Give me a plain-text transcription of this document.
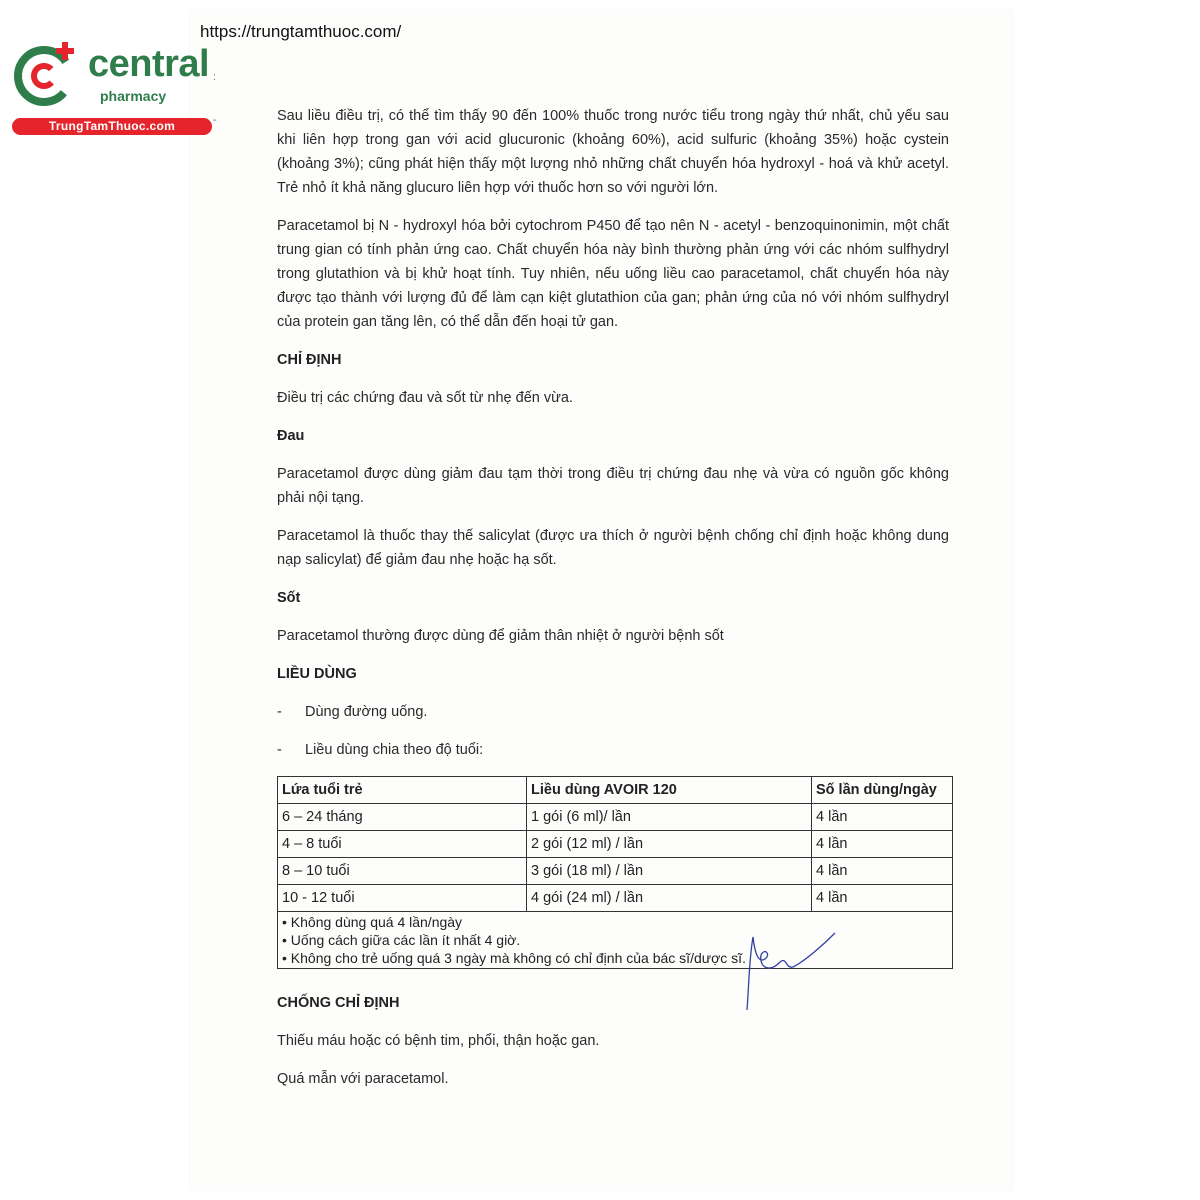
https://trungtamthuoc.com/
central
pharmacy
TrungTamThuoc.com
:
-	Sau liều điều trị, có thể tìm thấy 90 đến 100% thuốc trong nước tiểu trong ngày thứ nhất, chủ yếu sau khi liên hợp trong gan với acid glucuronic (khoảng 60%), acid sulfuric (khoảng 35%) hoặc cystein (khoảng 3%); cũng phát hiện thấy một lượng nhỏ những chất chuyển hóa hydroxyl - hoá và khử acetyl. Trẻ nhỏ ít khả năng glucuro liên hợp với thuốc hơn so với người lớn.

Paracetamol bị N - hydroxyl hóa bởi cytochrom P450 để tạo nên N - acetyl - benzoquinonimin, một chất trung gian có tính phản ứng cao. Chất chuyển hóa này bình thường phản ứng với các nhóm sulfhydryl trong glutathion và bị khử hoạt tính. Tuy nhiên, nếu uống liều cao paracetamol, chất chuyển hóa này được tạo thành với lượng đủ để làm cạn kiệt glutathion của gan; phản ứng của nó với nhóm sulfhydryl của protein gan tăng lên, có thể dẫn đến hoại tử gan.

CHỈ ĐỊNH

Điều trị các chứng đau và sốt từ nhẹ đến vừa.

Đau

Paracetamol được dùng giảm đau tạm thời trong điều trị chứng đau nhẹ và vừa có nguồn gốc không phải nội tạng.

Paracetamol là thuốc thay thế salicylat (được ưa thích ở người bệnh chống chỉ định hoặc không dung nạp salicylat) để giảm đau nhẹ hoặc hạ sốt.

Sốt

Paracetamol thường được dùng để giảm thân nhiệt ở người bệnh sốt

LIỀU DÙNG
-	Dùng đường uống.
-	Liều dùng chia theo độ tuổi:
Lứa tuổi trẻ	Liều dùng AVOIR 120	Số lần dùng/ngày
6 – 24 tháng	1 gói (6 ml)/ lần	4 lần
4 – 8 tuổi	2 gói (12 ml) / lần	4 lần
8 – 10 tuổi	3 gói (18 ml) / lần	4 lần
10 - 12 tuổi	4 gói (24 ml) / lần	4 lần

• Không dùng quá 4 lần/ngày
• Uống cách giữa các lần ít nhất 4 giờ.
• Không cho trẻ uống quá 3 ngày mà không có chỉ định của bác sĩ/dược sĩ.		
CHỐNG CHỈ ĐỊNH

Thiếu máu hoặc có bệnh tim, phổi, thận hoặc gan.

Quá mẫn với paracetamol.
